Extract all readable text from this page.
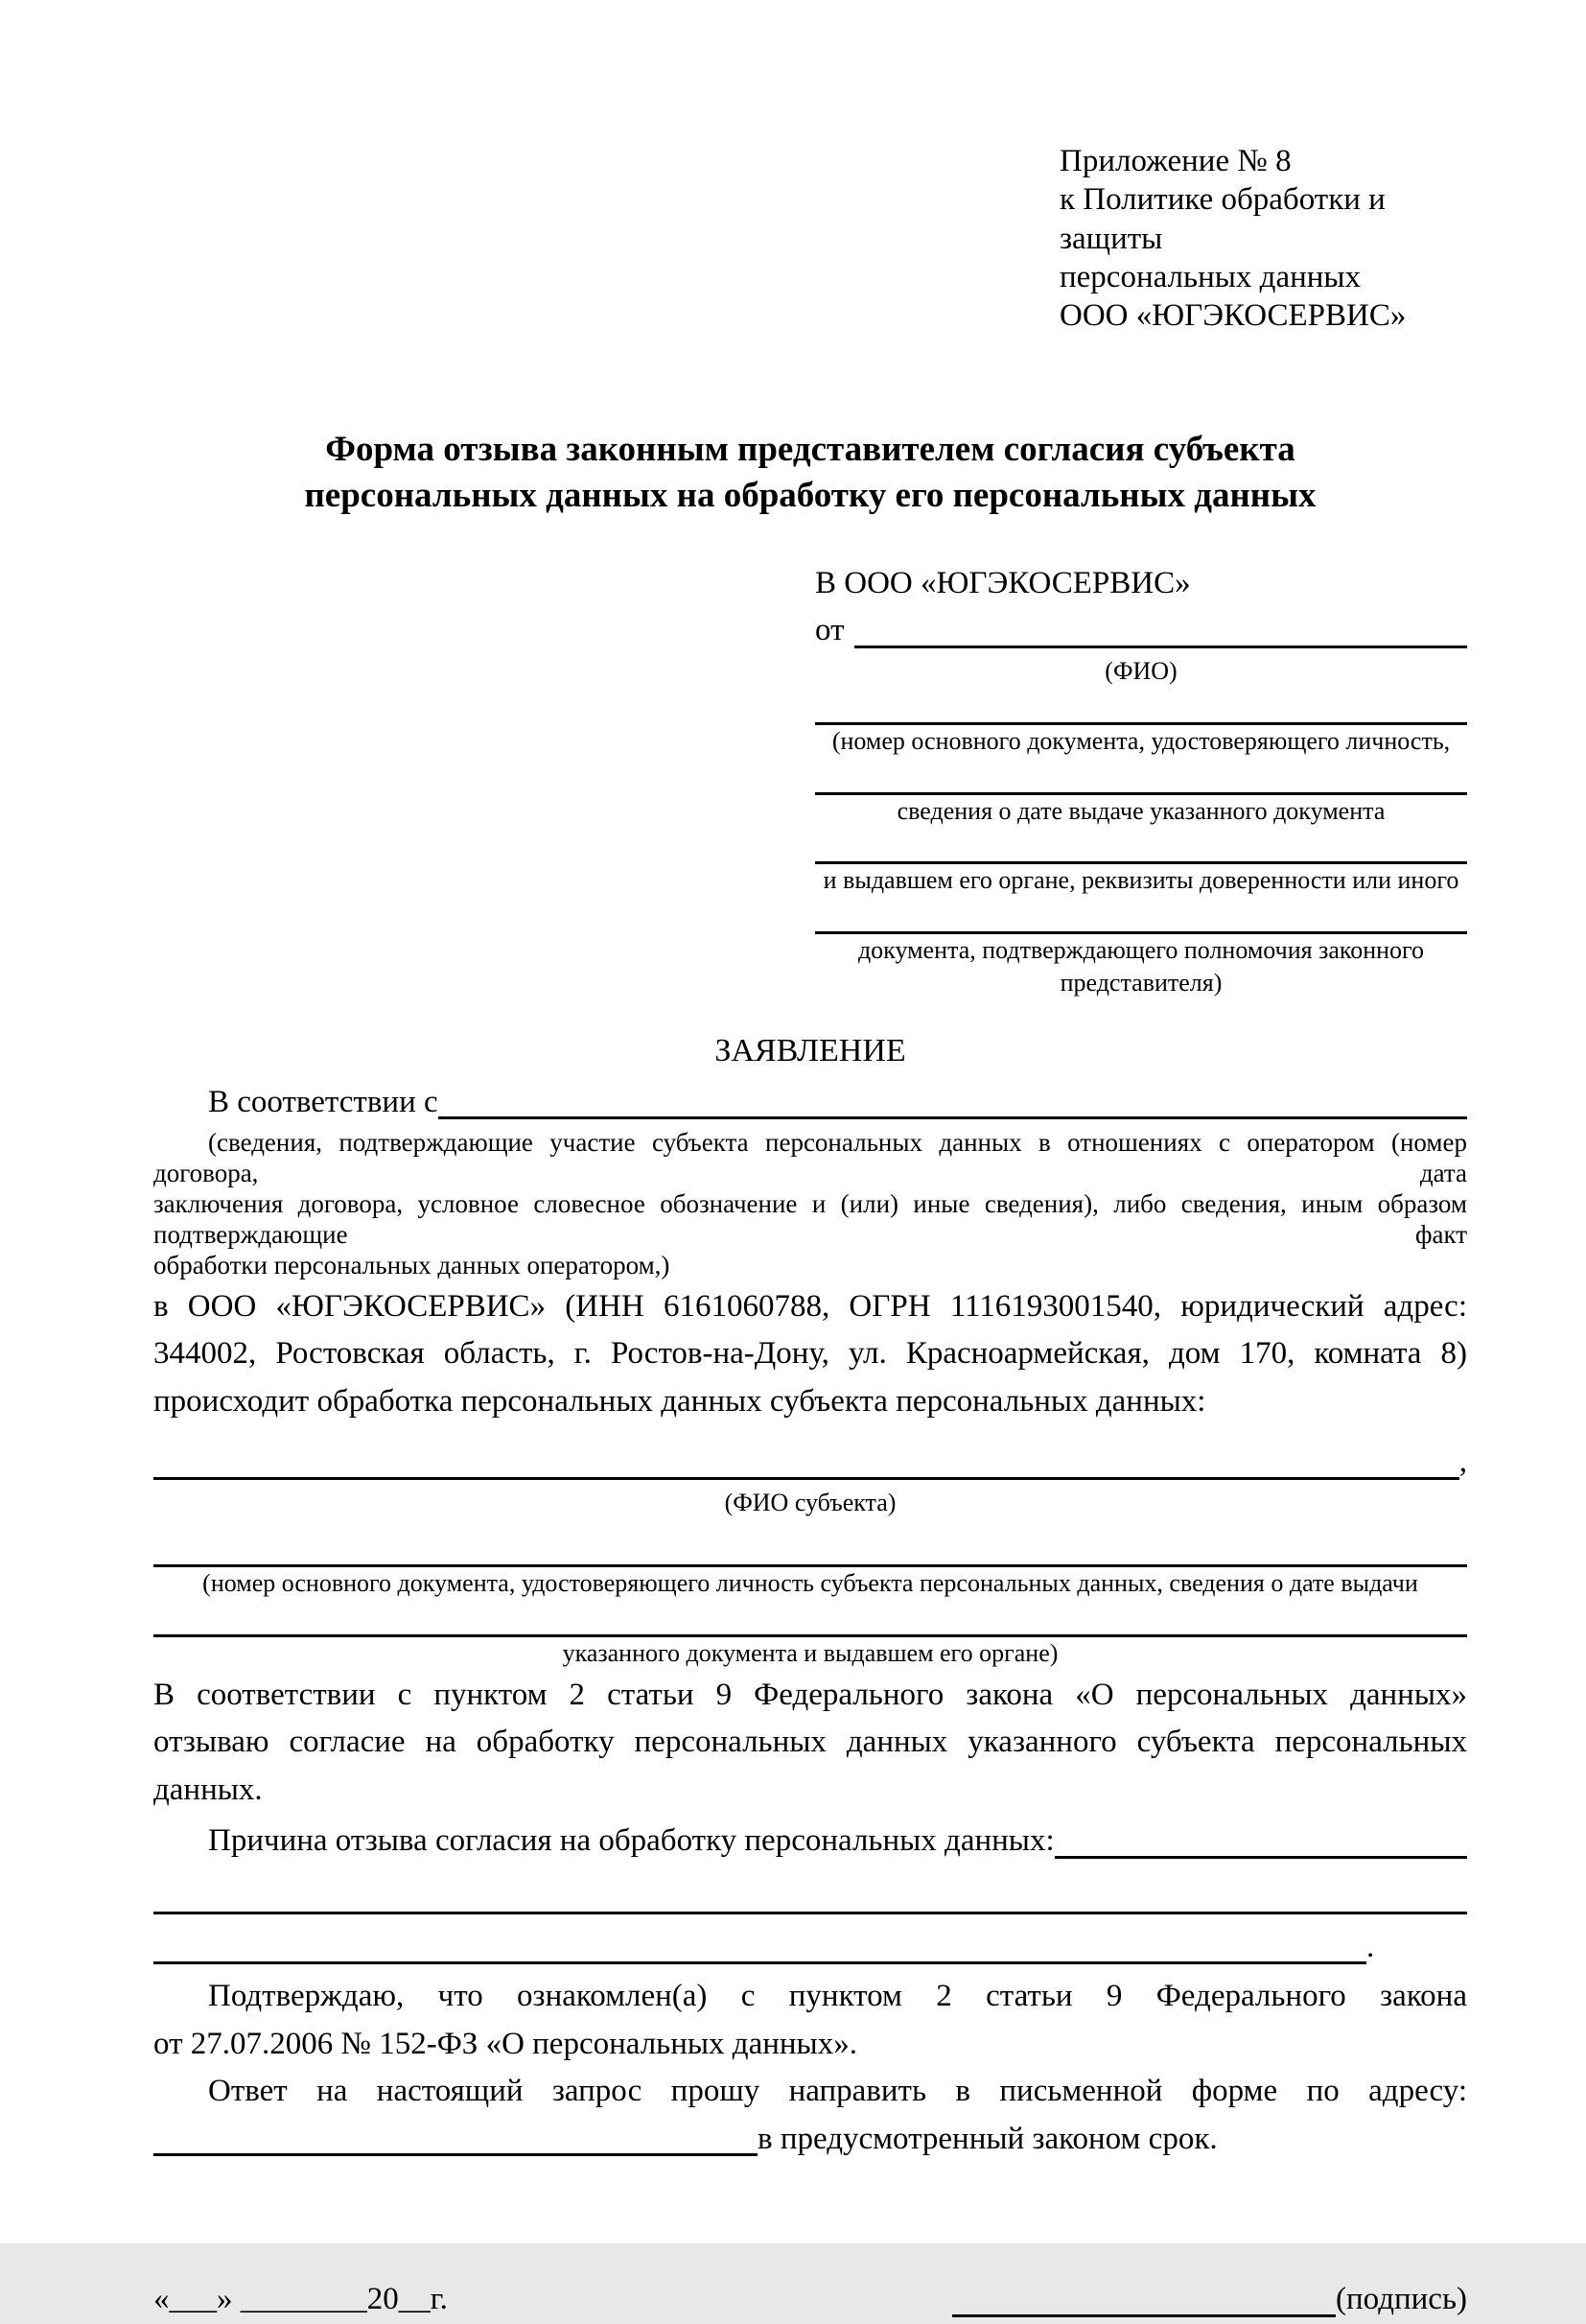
Приложение № 8
к Политике обработки и защиты
персональных данных
ООО «ЮГЭКОСЕРВИС»
Форма отзыва законным представителем согласия субъекта персональных данных на обработку его персональных данных
В ООО «ЮГЭКОСЕРВИС»
от
(ФИО)
(номер основного документа, удостоверяющего личность,
сведения о дате выдаче указанного документа
и выдавшем его органе, реквизиты доверенности или иного
документа, подтверждающего полномочия законного представителя)
ЗАЯВЛЕНИЕ
В соответствии с
(сведения, подтверждающие участие субъекта персональных данных в отношениях с оператором (номер договора, дата
заключения договора, условное словесное обозначение и (или) иные сведения), либо сведения, иным образом подтверждающие факт
обработки персональных данных оператором,)
в ООО «ЮГЭКОСЕРВИС» (ИНН 6161060788, ОГРН 1116193001540, юридический адрес:
344002, Ростовская область, г. Ростов-на-Дону, ул. Красноармейская, дом 170, комната 8)
происходит обработка персональных данных субъекта персональных данных:
,
(ФИО субъекта)
(номер основного документа, удостоверяющего личность субъекта персональных данных, сведения о дате выдачи
указанного документа и выдавшем его органе)
В соответствии с пунктом 2 статьи 9 Федерального закона «О персональных данных»
отзываю согласие на обработку персональных данных указанного субъекта персональных
данных.
Причина отзыва согласия на обработку персональных данных:
.
Подтверждаю, что ознакомлен(а) с пунктом 2 статьи 9 Федерального закона
от 27.07.2006 № 152-ФЗ «О персональных данных».
Ответ на настоящий запрос прошу направить в письменной форме по адресу:
в предусмотренный законом срок.
«___» ________20__г.	(подпись)
